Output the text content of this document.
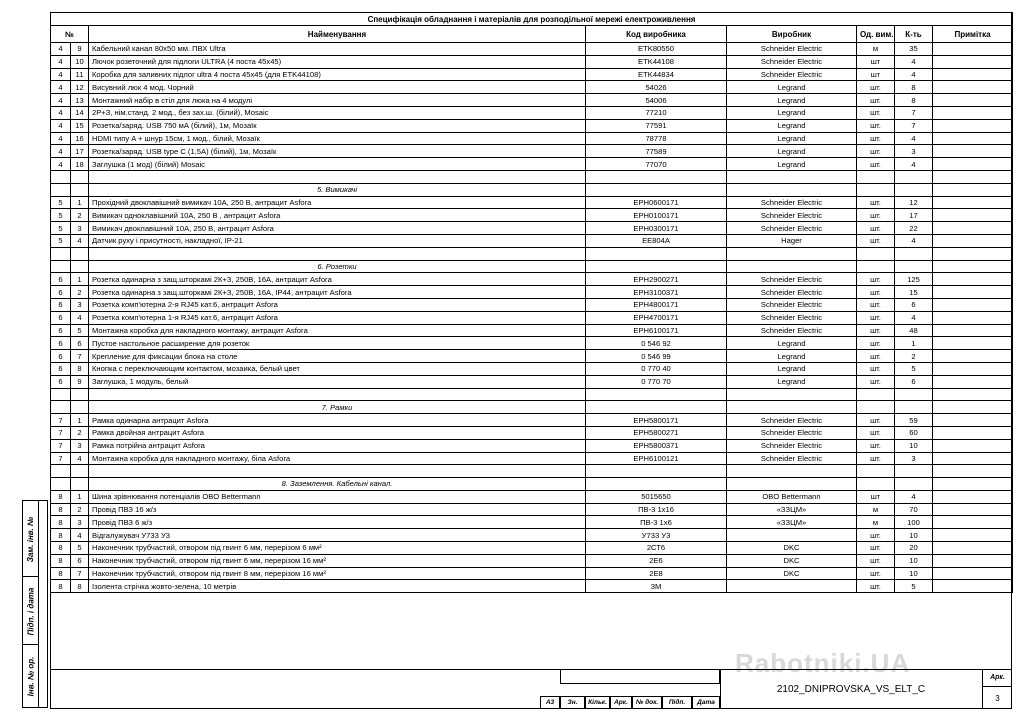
Зам. інв. №
Підп. і дата
Інв. № ор.
Специфікація обладнання і матеріалів для розподільної мережі електроживлення							
№		Найменування	Код виробника	Виробник	Од. вим.	К-ть	Примітка
4	9	Кабельний канал 80x50 мм. ПВХ Ultra	ETK80550	Schneider Electric	м	35	
4	10	Лючок розеточний для підлоги ULTRA (4 поста 45x45)	ETK44108	Schneider Electric	шт	4	
4	11	Коробка для заливних підлог ultra 4 поста 45x45 (для ETK44108)	ETK44834	Schneider Electric	шт	4	
4	12	Висувний люк 4 мод. Чорний	54026	Legrand	шт.	8	
4	13	Монтажний набір в стіл для люка на 4 модулі	54006	Legrand	шт.	8	
4	14	2Р+З, нім.станд. 2 мод., без зах.ш. (білий), Mosaic	77210	Legrand	шт.	7	
4	15	Розетка/заряд. USB 750 мА (білий), 1м, Мозаїк	77591	Legrand	шт.	7	
4	16	HDMI типу A + шнур 15см, 1 мод., білий, Мозаїк	78778	Legrand	шт.	4	
4	17	Розетка/заряд. USB type C (1.5A) (білий), 1м, Мозаїк	77589	Legrand	шт.	3	
4	18	Заглушка (1 мод) (білий) Mosaic	77070	Legrand	шт.	4	

		5. Вимикачі					
5	1	Прохідний двоклавішний вимикач 10А, 250 В, антрацит Asfora	EPH0600171	Schneider Electric	шт.	12	
5	2	Вимикач одноклавішний 10А, 250 В , антрацит Asfora	EPH0100171	Schneider Electric	шт.	17	
5	3	Вимикач двоклавішний 10А, 250 В, антрацит Asfora	EPH0300171	Schneider Electric	шт.	22	
5	4	Датчик руху і присутності, накладної, IP-21	EE804A	Hager	шт.	4	

		6. Розетки					
6	1	Розетка одинарна з защ.шторкамі 2К+З, 250В, 16А, антрацит Asfora	EPH2900271	Schneider Electric	шт.	125	
6	2	Розетка одинарна з защ.шторкамі 2К+З, 250В, 16А, IP44, антрацит Asfora	EPH3100371	Schneider Electric	шт.	15	
6	3	Розетка комп'ютерна 2-я RJ45 кат.6, антрацит Asfora	EPH4800171	Schneider Electric	шт.	6	
6	4	Розетка комп'ютерна 1-я RJ45 кат.6, антрацит Asfora	EPH4700171	Schneider Electric	шт.	4	
6	5	Монтажна коробка для накладного монтажу, антрацит Asfora	EPH6100171	Schneider Electric	шт.	48	
6	6	Пустое настольное расширение для розеток	0 546 92	Legrand	шт.	1	
6	7	Крепление для фиксации блока на столе	0 546 99	Legrand	шт.	2	
6	8	Кнопка с переключающим контактом, мозаика, белый цвет	0 770 40	Legrand	шт.	5	
6	9	Заглушка, 1 модуль, белый	0 770 70	Legrand	шт.	6	

		7. Рамки					
7	1	Рамка одинарна антрацит Asfora	EPH5800171	Schneider Electric	шт.	59	
7	2	Рамка двойная антрацит Asfora	EPH5800271	Schneider Electric	шт.	60	
7	3	Рамка потрійна антрацит Asfora	EPH5800371	Schneider Electric	шт.	10	
7	4	Монтажна коробка для накладного монтажу, біла Asfora	EPH6100121	Schneider Electric	шт.	3	

		8. Заземлення. Кабельні канал.					
8	1	Шина зрівнювання потенціалів OBO Bettermann	5015650	OBO Bettermann	шт	4	
8	2	Провід ПВЗ 16 ж/з	ПВ-3 1x16	«ЗЗЦМ»	м	70	
8	3	Провід ПВЗ 6 ж/з	ПВ-3 1x6	«ЗЗЦМ»	м	100	
8	4	Відгалужувач У733 У3	У733 У3		шт.	10	
8	5	Наконечник трубчастий, отвором під гвинт 6 мм, перерізом 6 мм²	2СТ6	DKC	шт.	20	
8	6	Наконечник трубчастий, отвором під гвинт 6 мм, перерізом 16 мм²	2Е6	DKC	шт.	10	
8	7	Наконечник трубчастий, отвором під гвинт 8 мм, перерізом 16 мм²	2Е8	DKC	шт.	10	
8	8	Ізолента стрічка жовто-зелена, 10 метрів	3М		шт.	5	
Rabotniki.UA
А3	Зн.	Кільк.	Арк.	№ док.	Підп.	Дата
2102_DNIPROVSKA_VS_ELT_C
Арк.
3
